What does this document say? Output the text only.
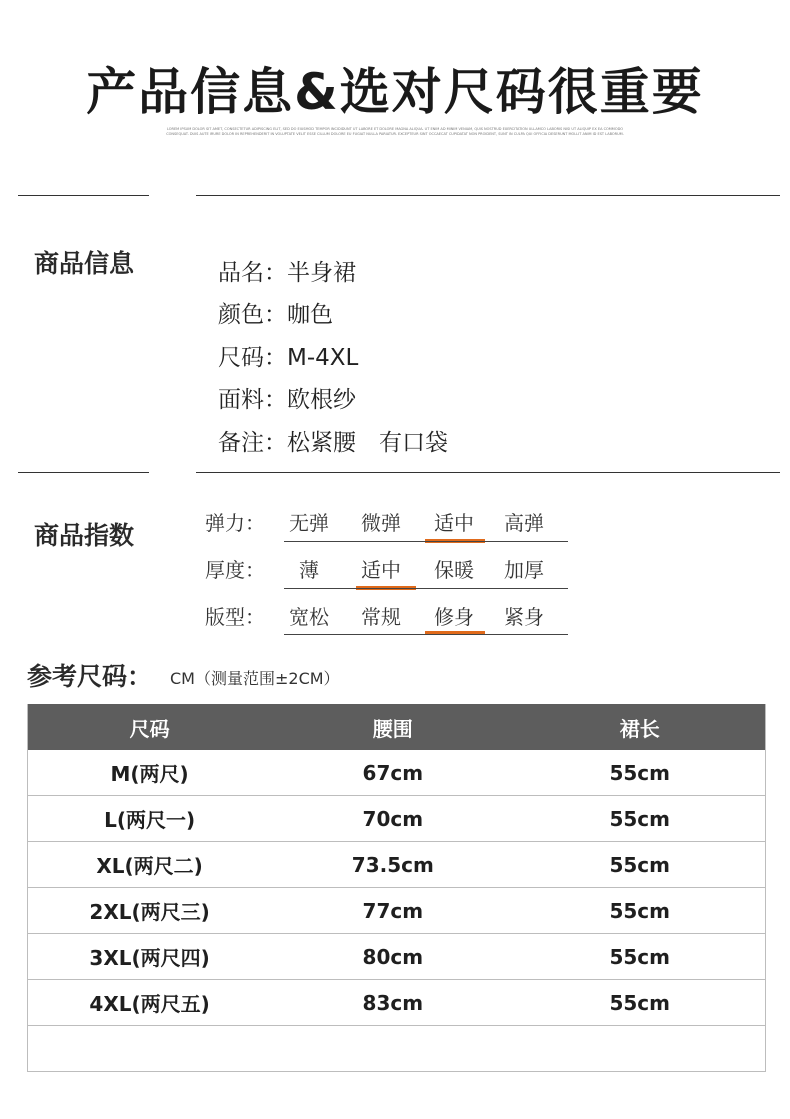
产品信息&选对尺码很重要
LOREM IPSUM DOLOR SIT AMET, CONSECTETUR ADIPISCING ELIT, SED DO EIUSMOD TEMPOR INCIDIDUNT UT LABORE ET DOLORE MAGNA ALIQUA. UT ENIM AD MINIM VENIAM, QUIS NOSTRUD EXERCITATION ULLAMCO LABORIS NISI UT ALIQUIP EX EA COMMODO CONSEQUAT. DUIS AUTE IRURE DOLOR IN REPREHENDERIT IN VOLUPTATE VELIT ESSE CILLUM DOLORE EU FUGIAT NULLA PARIATUR. EXCEPTEUR SINT OCCAECAT CUPIDATAT NON PROIDENT, SUNT IN CULPA QUI OFFICIA DESERUNT MOLLIT ANIM ID EST LABORUM.
商品信息	品名：半身裙
颜色：咖色
尺码：M-4XL
面料：欧根纱
备注：松紧腰　有口袋
商品指数	弹力：	无弹	微弹	适中	高弹
厚度：	薄	适中	保暖	加厚
版型：	宽松	常规	修身	紧身
参考尺码： CM（测量范围±2CM）
尺码	腰围	裙长
M(两尺)	67cm	55cm
L(两尺一)	70cm	55cm
XL(两尺二)	73.5cm	55cm
2XL(两尺三)	77cm	55cm
3XL(两尺四)	80cm	55cm
4XL(两尺五)	83cm	55cm
